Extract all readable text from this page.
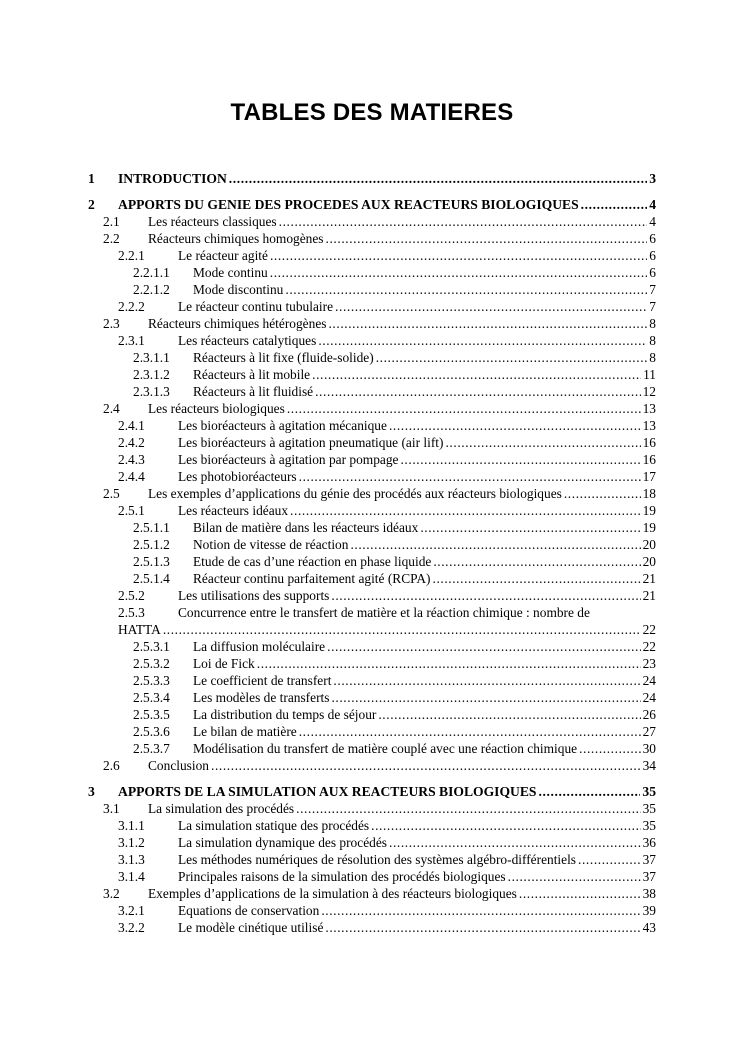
TABLES DES MATIERES
1	INTRODUCTION .....	3
2	APPORTS DU GENIE DES PROCEDES AUX REACTEURS BIOLOGIQUES .....	4
2.1	Les réacteurs classiques .....	4
2.2	Réacteurs chimiques homogènes .....	6
2.2.1	Le réacteur agité .....	6
2.2.1.1	Mode continu .....	6
2.2.1.2	Mode discontinu .....	7
2.2.2	Le réacteur continu tubulaire .....	7
2.3	Réacteurs chimiques hétérogènes .....	8
2.3.1	Les réacteurs catalytiques .....	8
2.3.1.1	Réacteurs à lit fixe (fluide-solide) .....	8
2.3.1.2	Réacteurs à lit mobile .....	11
2.3.1.3	Réacteurs à lit fluidisé .....	12
2.4	Les réacteurs biologiques .....	13
2.4.1	Les bioréacteurs à agitation mécanique .....	13
2.4.2	Les bioréacteurs à agitation pneumatique (air lift) .....	16
2.4.3	Les bioréacteurs à agitation par pompage .....	16
2.4.4	Les photobioréacteurs .....	17
2.5	Les exemples d’applications du génie des procédés aux réacteurs biologiques .....	18
2.5.1	Les réacteurs idéaux .....	19
2.5.1.1	Bilan de matière dans les réacteurs idéaux .....	19
2.5.1.2	Notion de vitesse de réaction .....	20
2.5.1.3	Etude de cas d’une réaction en phase liquide .....	20
2.5.1.4	Réacteur continu parfaitement agité (RCPA) .....	21
2.5.2	Les utilisations des supports .....	21
2.5.3 Concurrence entre le transfert de matière et la réaction chimique : nombre de
HATTA .....	22
2.5.3.1	La diffusion moléculaire .....	22
2.5.3.2	Loi de Fick .....	23
2.5.3.3	Le coefficient de transfert .....	24
2.5.3.4	Les modèles de transferts .....	24
2.5.3.5	La distribution du temps de séjour .....	26
2.5.3.6	Le bilan de matière .....	27
2.5.3.7	Modélisation du transfert de matière couplé avec une réaction chimique .....	30
2.6	Conclusion .....	34
3	APPORTS DE LA SIMULATION AUX REACTEURS BIOLOGIQUES .....	35
3.1	La simulation des procédés .....	35
3.1.1	La simulation statique des procédés .....	35
3.1.2	La simulation dynamique des procédés .....	36
3.1.3	Les méthodes numériques de résolution des systèmes algébro-différentiels .....	37
3.1.4	Principales raisons de la simulation des procédés biologiques .....	37
3.2	Exemples d’applications de la simulation à des réacteurs biologiques .....	38
3.2.1	Equations de conservation .....	39
3.2.2	Le modèle cinétique utilisé .....	43
